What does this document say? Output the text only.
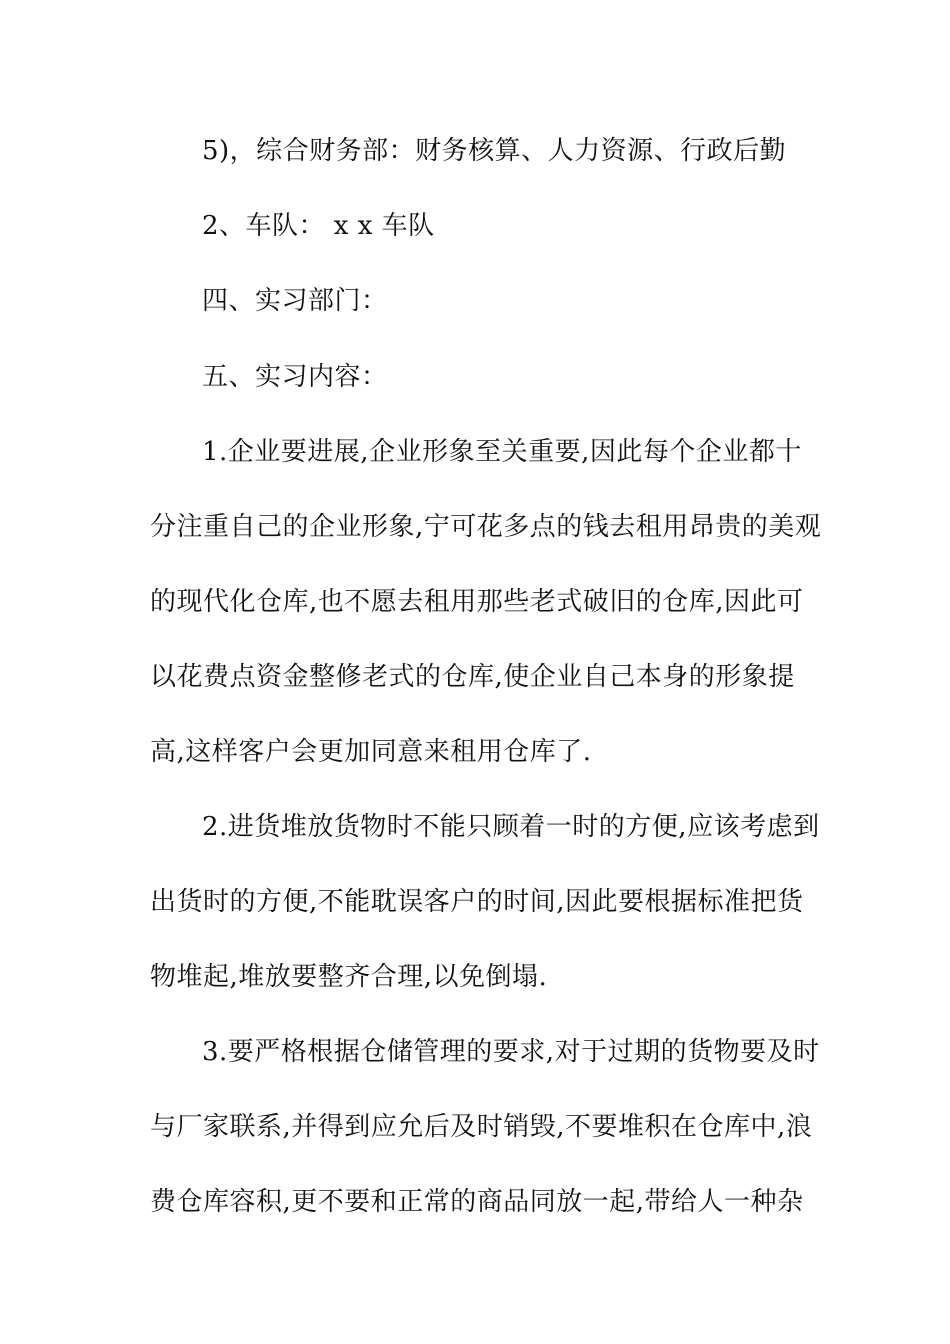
5)，综合财务部：财务核算、人力资源、行政后勤
2、车队： x x 车队
四、实习部门：
五、实习内容：
1.企业要进展,企业形象至关重要,因此每个企业都十
分注重自己的企业形象,宁可花多点的钱去租用昂贵的美观
的现代化仓库,也不愿去租用那些老式破旧的仓库,因此可
以花费点资金整修老式的仓库,使企业自己本身的形象提
高,这样客户会更加同意来租用仓库了.
2.进货堆放货物时不能只顾着一时的方便,应该考虑到
出货时的方便,不能耽误客户的时间,因此要根据标准把货
物堆起,堆放要整齐合理,以免倒塌.
3.要严格根据仓储管理的要求,对于过期的货物要及时
与厂家联系,并得到应允后及时销毁,不要堆积在仓库中,浪
费仓库容积,更不要和正常的商品同放一起,带给人一种杂
